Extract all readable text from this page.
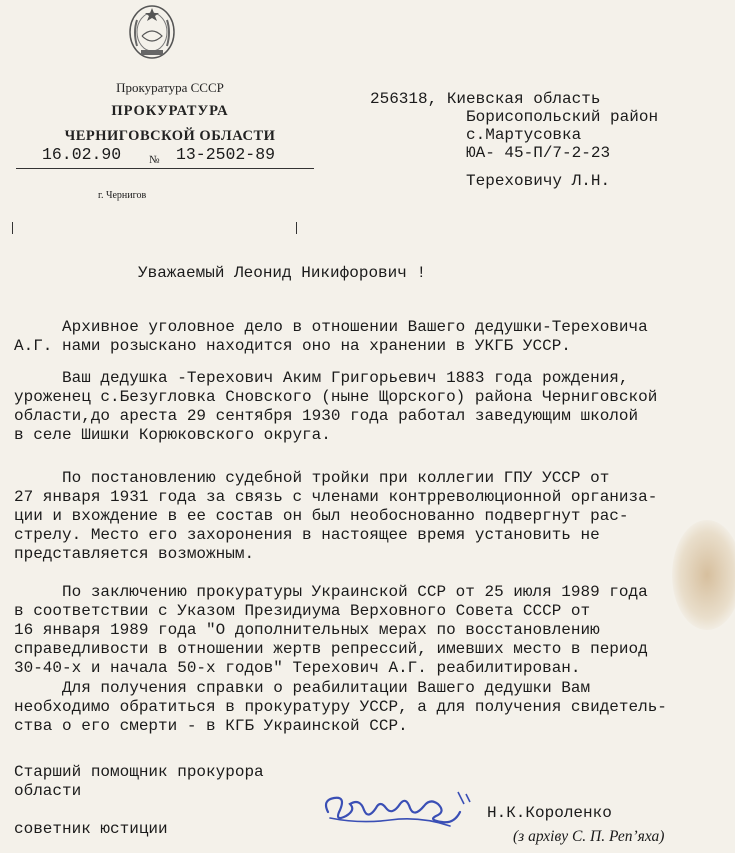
Прокуратура СССР
ПРОКУРАТУРА
ЧЕРНИГОВСКОЙ ОБЛАСТИ
16.02.90	№ 13-2502-89
г. Чернигов
256318, Киевская область
Борисопольский район
с.Мартусовка
ЮА- 45-П/7-2-23
Тереховичу Л.Н.
Уважаемый Леонид Никифорович !
Архивное уголовное дело в отношении Вашего дедушки-Тереховича
А.Г. нами розыскано находится оно на хранении в УКГБ УССР.
Ваш дедушка -Терехович Аким Григорьевич 1883 года рождения,
уроженец с.Безугловка Сновского (ныне Щорского) района Черниговской
области,до ареста 29 сентября 1930 года работал заведующим школой
в селе Шишки Корюковского округа.
По постановлению судебной тройки при коллегии ГПУ УССР от
27 января 1931 года за связь с членами контрреволюционной организа-
ции и вхождение в ее состав он был необоснованно подвергнут рас-
стрелу. Место его захоронения в настоящее время установить не
представляется возможным.
По заключению прокуратуры Украинской ССР от 25 июля 1989 года
в соответствии с Указом Президиума Верховного Совета СССР от
16 января 1989 года "О дополнительных мерах по восстановлению
справедливости в отношении жертв репрессий, имевших место в период
30-40-х и начала 50-х годов" Терехович А.Г. реабилитирован.
Для получения справки о реабилитации Вашего дедушки Вам
необходимо обратиться в прокуратуру УССР, а для получения свидетель-
ства о его смерти - в КГБ Украинской ССР.
Старший помощник прокурора
области

советник юстиции
Н.К.Короленко
(з архіву С. П. Реп’яха)
